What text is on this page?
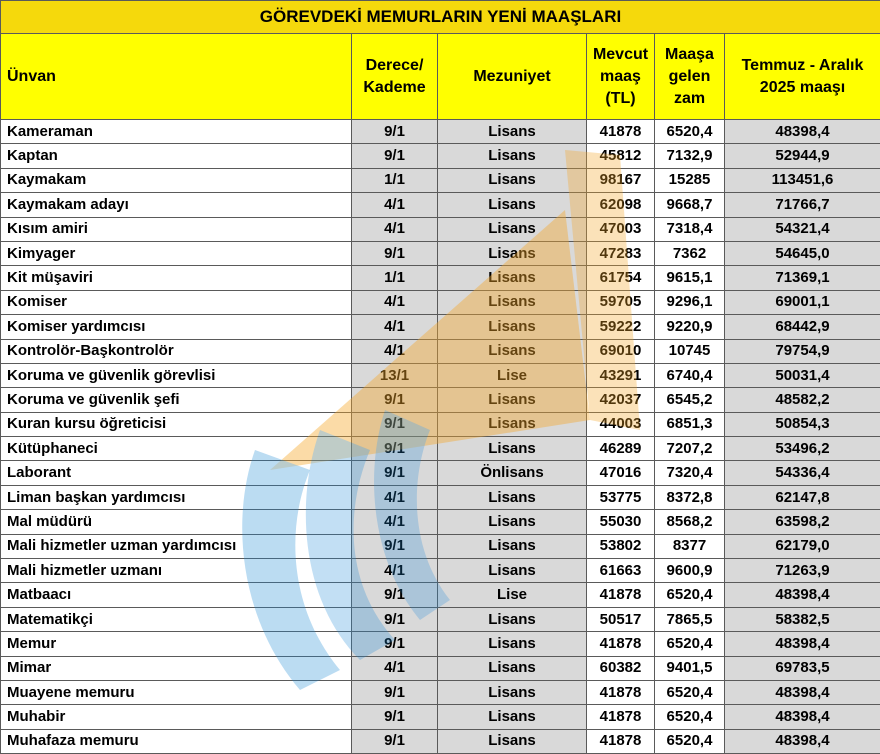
GÖREVDEKİ MEMURLARIN YENİ MAAŞLARI					
Ünvan	Derece/ Kademe	Mezuniyet	Mevcut maaş (TL)	Maaşa gelen zam	Temmuz - Aralık 2025 maaşı
Kameraman	9/1	Lisans	41878	6520,4	48398,4
Kaptan	9/1	Lisans	45812	7132,9	52944,9
Kaymakam	1/1	Lisans	98167	15285	113451,6
Kaymakam adayı	4/1	Lisans	62098	9668,7	71766,7
Kısım amiri	4/1	Lisans	47003	7318,4	54321,4
Kimyager	9/1	Lisans	47283	7362	54645,0
Kit müşaviri	1/1	Lisans	61754	9615,1	71369,1
Komiser	4/1	Lisans	59705	9296,1	69001,1
Komiser yardımcısı	4/1	Lisans	59222	9220,9	68442,9
Kontrolör-Başkontrolör	4/1	Lisans	69010	10745	79754,9
Koruma ve güvenlik görevlisi	13/1	Lise	43291	6740,4	50031,4
Koruma ve güvenlik şefi	9/1	Lisans	42037	6545,2	48582,2
Kuran kursu öğreticisi	9/1	Lisans	44003	6851,3	50854,3
Kütüphaneci	9/1	Lisans	46289	7207,2	53496,2
Laborant	9/1	Önlisans	47016	7320,4	54336,4
Liman başkan yardımcısı	4/1	Lisans	53775	8372,8	62147,8
Mal müdürü	4/1	Lisans	55030	8568,2	63598,2
Mali hizmetler uzman yardımcısı	9/1	Lisans	53802	8377	62179,0
Mali hizmetler uzmanı	4/1	Lisans	61663	9600,9	71263,9
Matbaacı	9/1	Lise	41878	6520,4	48398,4
Matematikçi	9/1	Lisans	50517	7865,5	58382,5
Memur	9/1	Lisans	41878	6520,4	48398,4
Mimar	4/1	Lisans	60382	9401,5	69783,5
Muayene memuru	9/1	Lisans	41878	6520,4	48398,4
Muhabir	9/1	Lisans	41878	6520,4	48398,4
Muhafaza memuru	9/1	Lisans	41878	6520,4	48398,4
